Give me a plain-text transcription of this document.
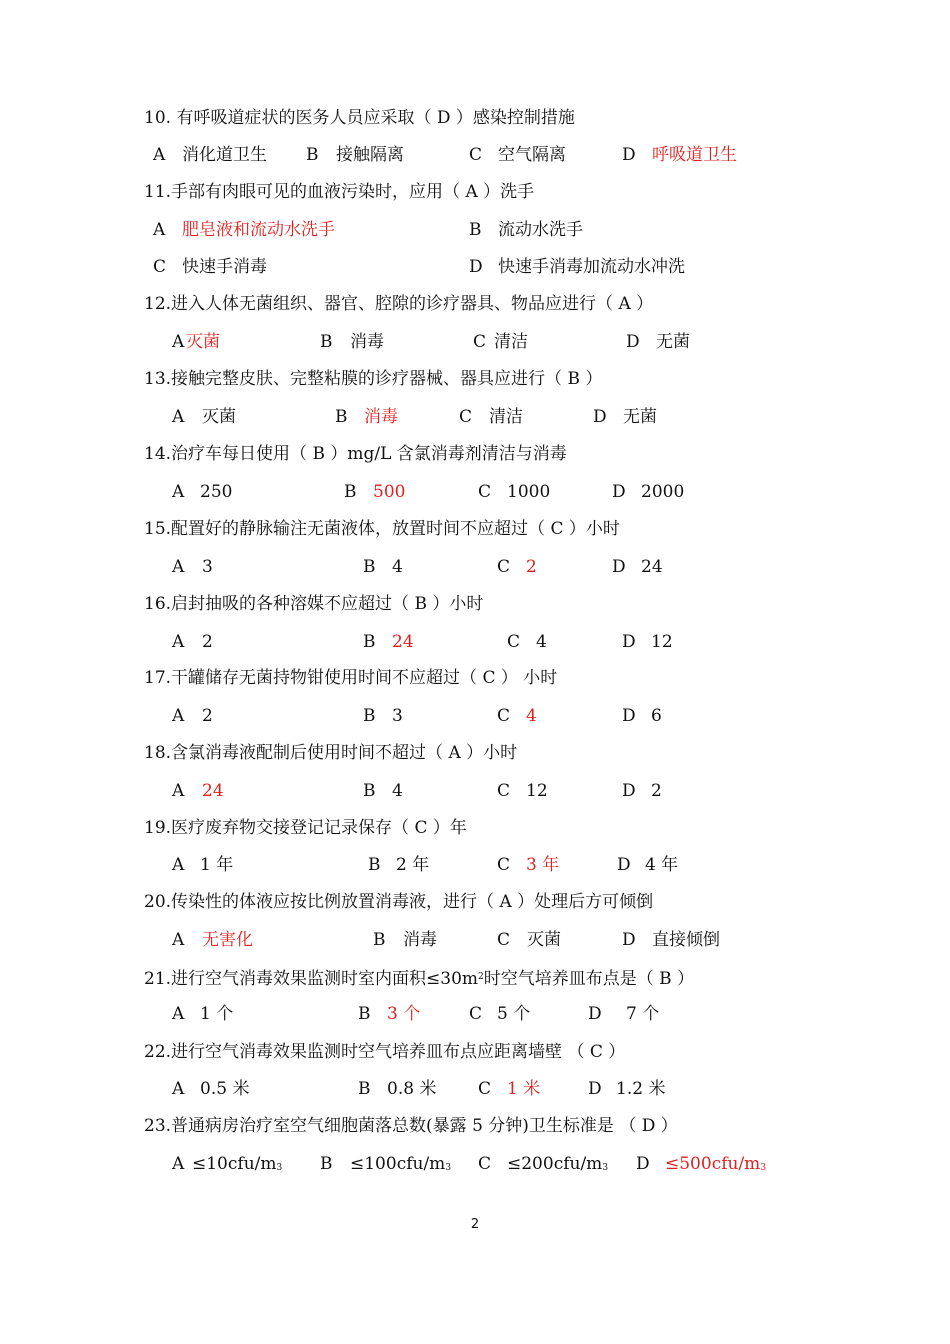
10. 有呼吸道症状的医务人员应采取（ D ）感染控制措施
A 消化道卫生 B 接触隔离	C 空气隔离	D 呼吸道卫生
11.手部有肉眼可见的血液污染时，应用（ A ）洗手
A 肥皂液和流动水洗手	B 流动水洗手
C 快速手消毒	D 快速手消毒加流动水冲洗
12.进入人体无菌组织、器官、腔隙的诊疗器具、物品应进行（ A ）
A 灭菌	B 消毒	C 清洁	D 无菌
13.接触完整皮肤、完整粘膜的诊疗器械、器具应进行（ B ）
A 灭菌	B 消毒	C 清洁	D 无菌
14.治疗车每日使用（ B ）mg/L 含氯消毒剂清洁与消毒
A 250	B 500	C 1000	D 2000
15.配置好的静脉输注无菌液体，放置时间不应超过（ C ）小时
A 3	B 4	C 2	D 24
16.启封抽吸的各种溶媒不应超过（ B ）小时
A 2	B 24	C 4	D 12
17.干罐储存无菌持物钳使用时间不应超过（ C ） 小时
A 2	B 3	C 4	D 6
18.含氯消毒液配制后使用时间不超过（ A ）小时
A 24	B 4	C 12	D 2
19.医疗废弃物交接登记记录保存（ C ）年
A 1 年	B 2 年	C 3 年	D 4 年
20.传染性的体液应按比例放置消毒液，进行（ A ）处理后方可倾倒
A 无害化	B 消毒	C 灭菌	D 直接倾倒
21.进行空气消毒效果监测时室内面积$\le 30m^2$时空气培养皿布点是（ B ）
A 1 个	B 3 个	C 5 个	D 7 个
22.进行空气消毒效果监测时空气培养皿布点应距离墙壁 （ C ）
A 0.5 米	B 0.8 米 C 1 米	D 1.2 米
23.普通病房治疗室空气细胞菌落总数(暴露 5 分钟)卫生标准是 （ D ）
$A \le 10cfu/m_3$ $B \le 100cfu/m_3$ $C \le 200cfu/m_3$ $D \le 500cfu/m_3$
2
